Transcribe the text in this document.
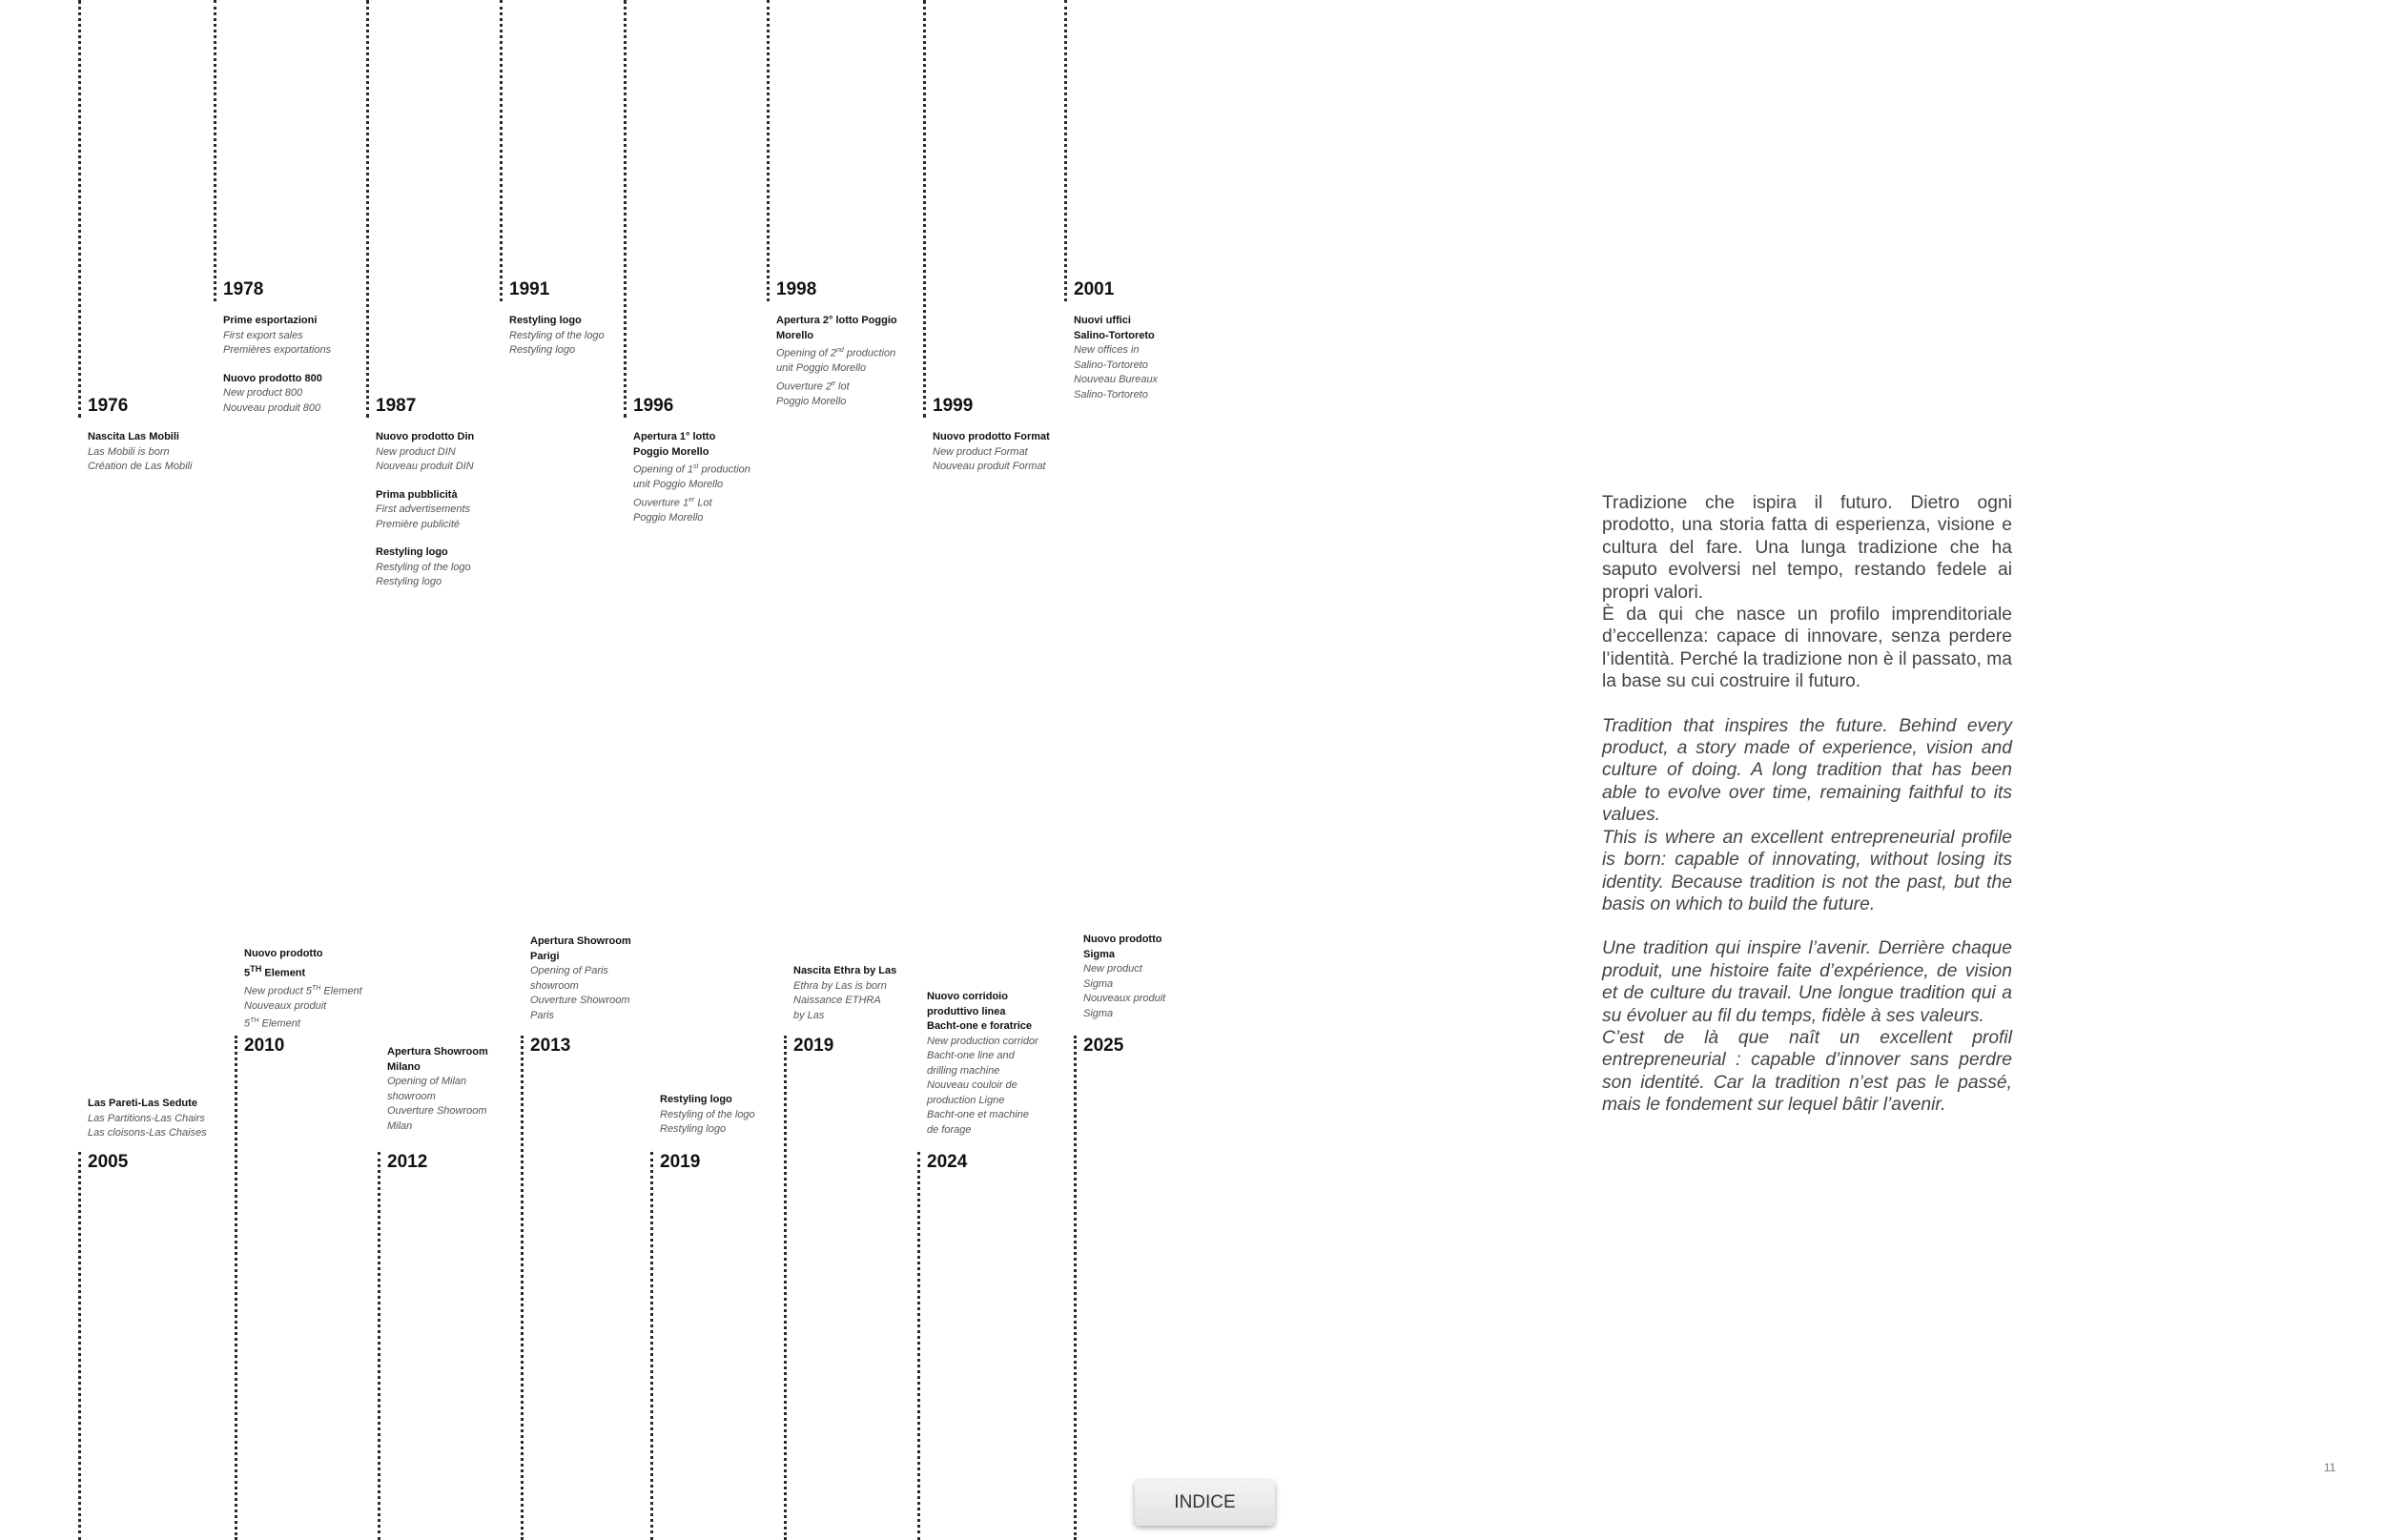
1976
Nascita Las Mobili
Las Mobili is born
Création de Las Mobili
1978
Prime esportazioni
First export sales
Premières exportations
Nuovo prodotto 800
New product 800
Nouveau produit 800	1987
Nuovo prodotto Din
New product DIN
Nouveau produit DIN
Prima pubblicità
First advertisements
Première publicité
Restyling logo
Restyling of the logo
Restyling logo
1991
Restyling logo
Restyling of the logo
Restyling logo
1996
Apertura 1° lotto
Poggio Morello
Opening of 1st production
unit Poggio Morello
Ouverture 1er Lot
Poggio Morello
1998
Apertura 2° lotto Poggio
Morello
Opening of 2nd production
unit Poggio Morello
Ouverture 2e lot
Poggio Morello	1999
Nuovo prodotto Format
New product Format
Nouveau produit Format
2001
Nuovi uffici
Salino-Tortoreto
New offices in
Salino-Tortoreto
Nouveau Bureaux
Salino-Tortoreto
2005
Las Pareti-Las Sedute
Las Partitions-Las Chairs
Las cloisons-Las Chaises
2010
Nuovo prodotto
5TH Element
New product 5TH Element
Nouveaux produit
5TH Element
2012
Apertura Showroom
Milano
Opening of Milan
showroom
Ouverture Showroom
Milan
2013
Apertura Showroom
Parigi
Opening of Paris
showroom
Ouverture Showroom
Paris
2019
Restyling logo
Restyling of the logo
Restyling logo
2019
Nascita Ethra by Las
Ethra by Las is born
Naissance ETHRA
by Las
2024
Nuovo corridoio
produttivo linea
Bacht-one e foratrice
New production corridor
Bacht-one line and
drilling machine
Nouveau couloir de
production Ligne
Bacht-one et machine
de forage
2025
Nuovo prodotto
Sigma
New product
Sigma
Nouveaux produit
Sigma

Tradizione che ispira il futuro. Dietro ogni prodotto, una storia fatta di esperienza, visione e cultura del fare. Una lunga tradizione che ha saputo evolversi nel tempo, restando fedele ai propri valori.
È da qui che nasce un profilo imprenditoriale d’eccellenza: capace di innovare, senza perdere l’identità. Perché la tradizione non è il passato, ma la base su cui costruire il futuro.

Tradition that inspires the future. Behind every product, a story made of experience, vision and culture of doing. A long tradition that has been able to evolve over time, remaining faithful to its values.
This is where an excellent entrepreneurial profile is born: capable of innovating, without losing its identity. Because tradition is not the past, but the basis on which to build the future.

Une tradition qui inspire l’avenir. Derrière chaque produit, une histoire faite d’expérience, de vision et de culture du travail. Une longue tradition qui a su évoluer au fil du temps, fidèle à ses valeurs.
C’est de là que naît un excellent profil entrepreneurial : capable d’innover sans perdre son identité. Car la tradition n’est pas le passé, mais le fondement sur lequel bâtir l’avenir.

11
INDICE
